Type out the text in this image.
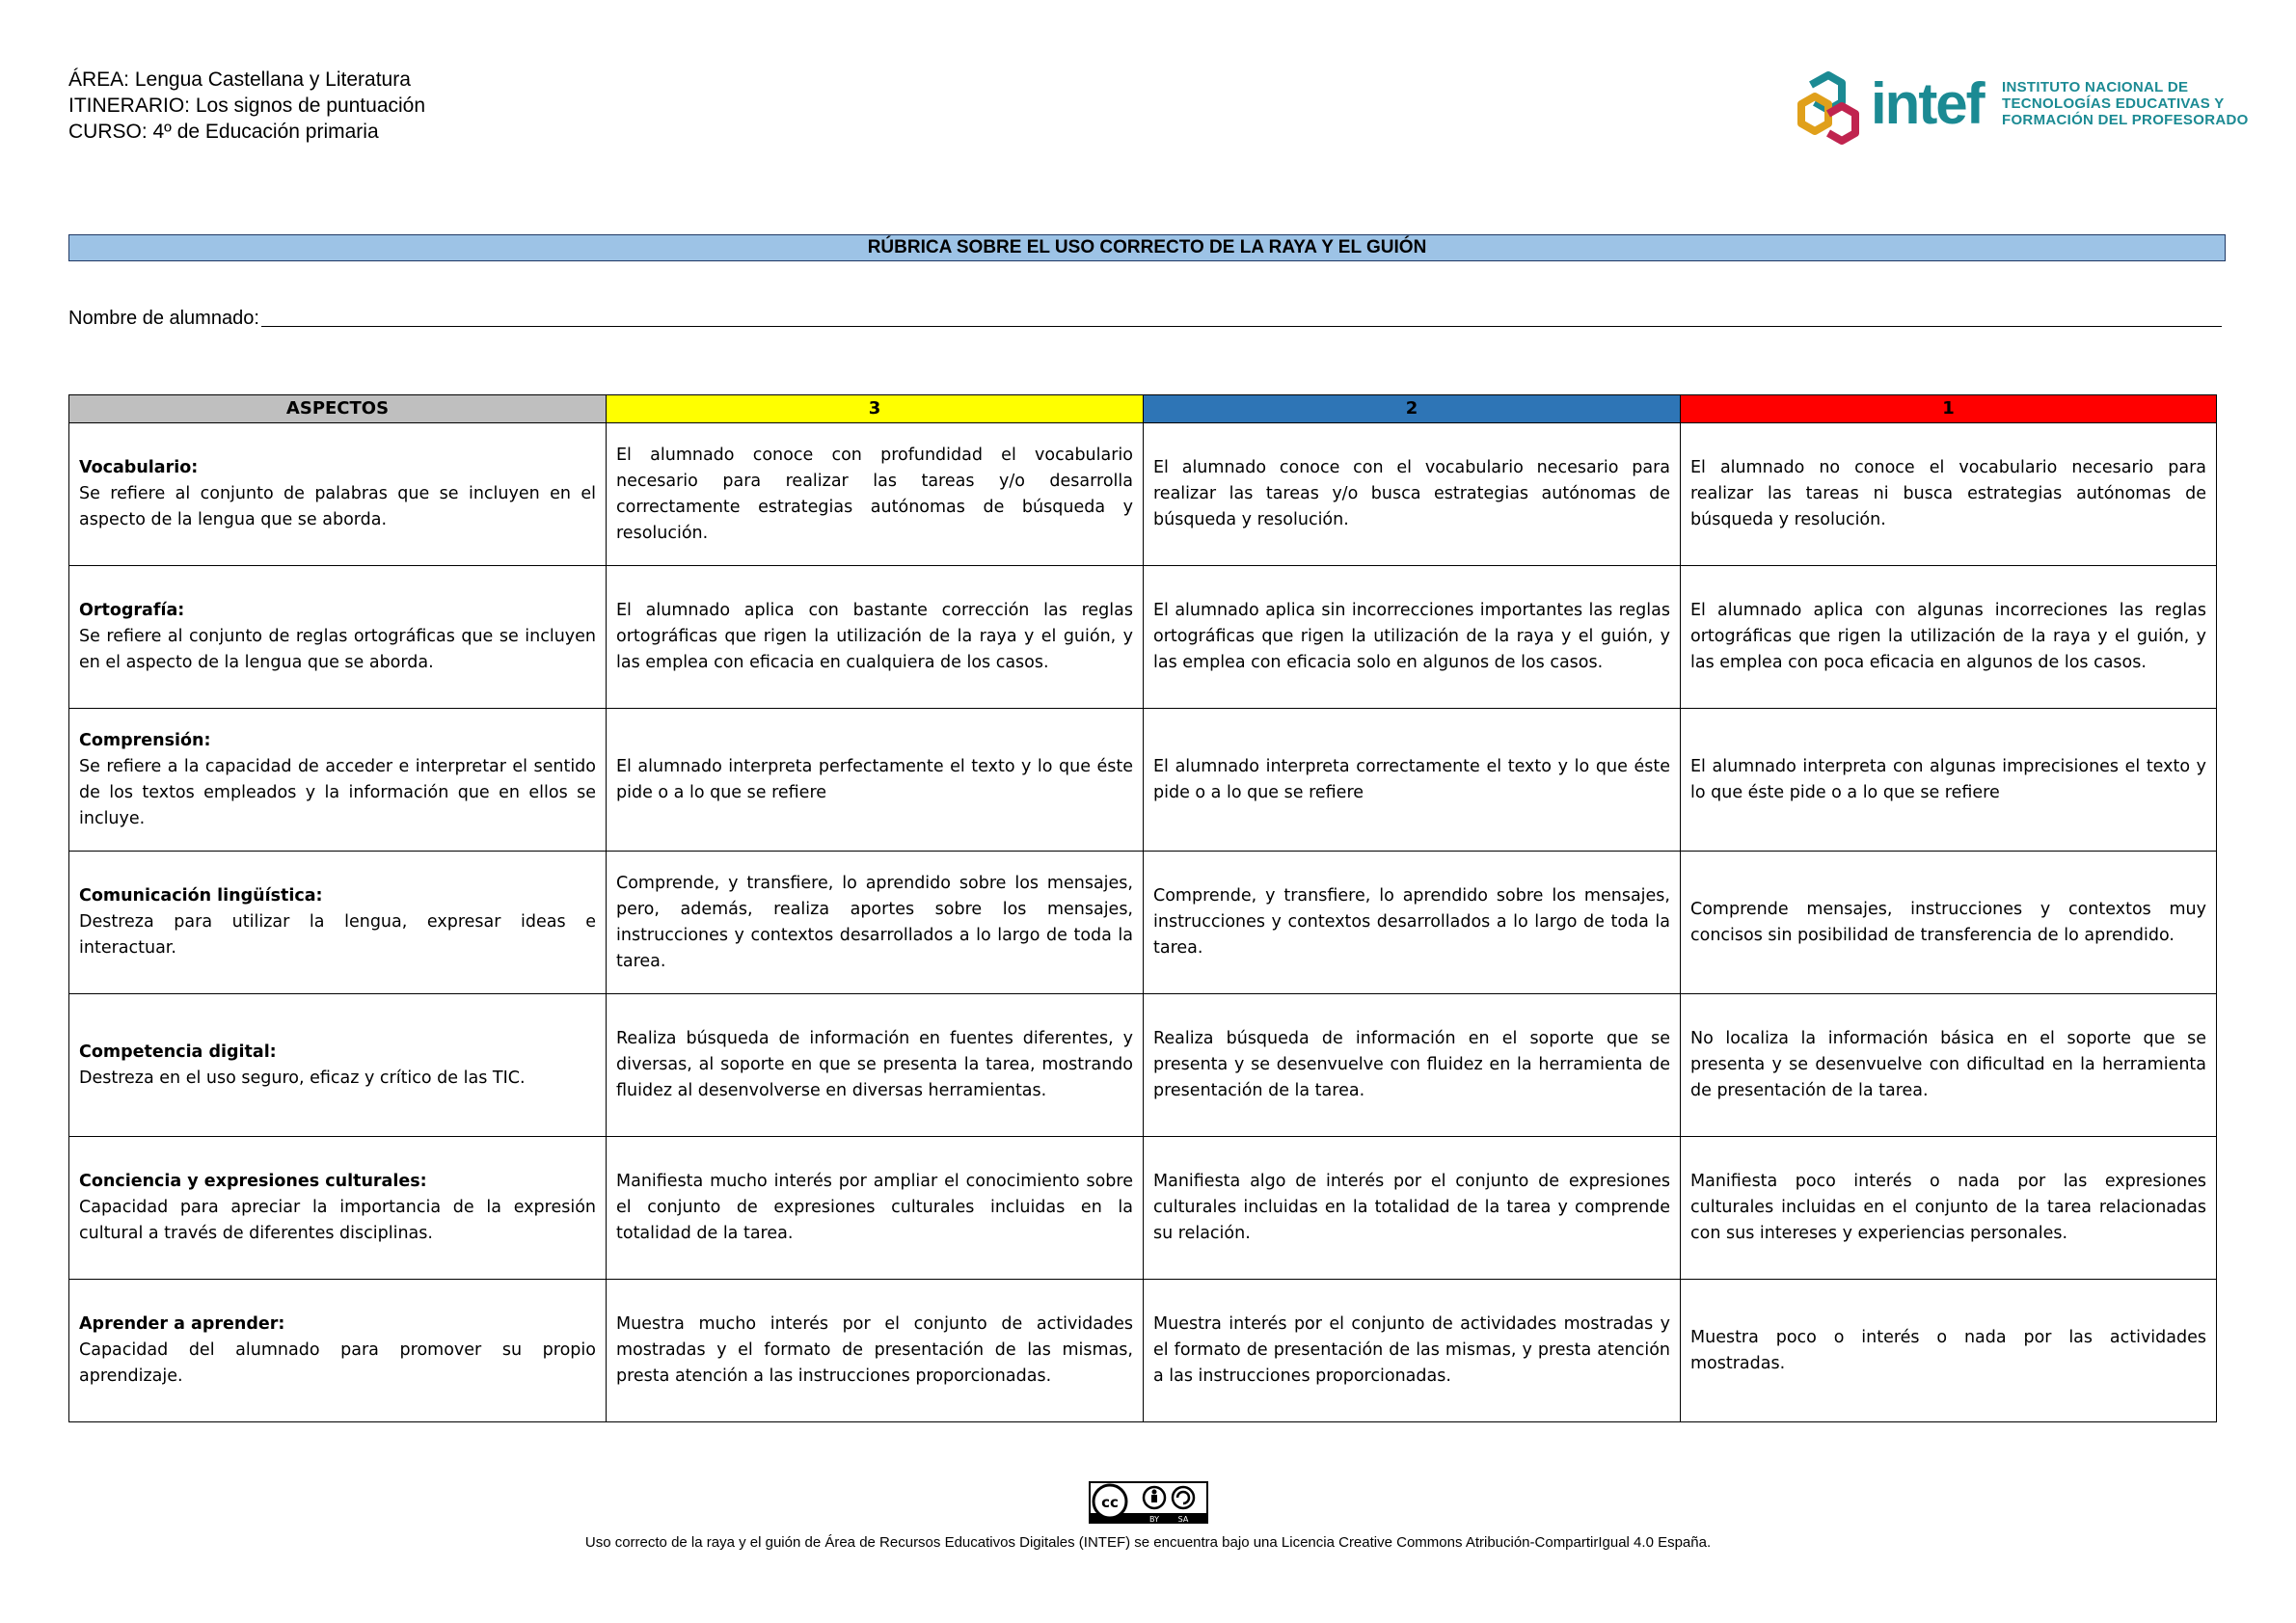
ÁREA: Lengua Castellana y Literatura
ITINERARIO: Los signos de puntuación
CURSO: 4º de Educación primaria	intef INSTITUTO NACIONAL DE
TECNOLOGÍAS EDUCATIVAS Y
FORMACIÓN DEL PROFESORADO
RÚBRICA SOBRE EL USO CORRECTO DE LA RAYA Y EL GUIÓN
Nombre de alumnado:
ASPECTOS	3	2	1

Vocabulario:
Se refiere al conjunto de palabras que se incluyen en el aspecto de la lengua que se aborda.	El alumnado conoce con profundidad el vocabulario necesario para realizar las tareas y/o desarrolla correctamente estrategias autónomas de búsqueda y resolución.	El alumnado conoce con el vocabulario necesario para realizar las tareas y/o busca estrategias autónomas de búsqueda y resolución.	El alumnado no conoce el vocabulario necesario para realizar las tareas ni busca estrategias autónomas de búsqueda y resolución.

Ortografía:
Se refiere al conjunto de reglas ortográficas que se incluyen en el aspecto de la lengua que se aborda.	El alumnado aplica con bastante corrección las reglas ortográficas que rigen la utilización de la raya y el guión, y las emplea con eficacia en cualquiera de los casos.	El alumnado aplica sin incorrecciones importantes las reglas ortográficas que rigen la utilización de la raya y el guión, y las emplea con eficacia solo en algunos de los casos.	El alumnado aplica con algunas incorreciones las reglas ortográficas que rigen la utilización de la raya y el guión, y las emplea con poca eficacia en algunos de los casos.

Comprensión:
Se refiere a la capacidad de acceder e interpretar el sentido de los textos empleados y la información que en ellos se incluye.	El alumnado interpreta perfectamente el texto y lo que éste pide o a lo que se refiere	El alumnado interpreta correctamente el texto y lo que éste pide o a lo que se refiere	El alumnado interpreta con algunas imprecisiones el texto y lo que éste pide o a lo que se refiere

Comunicación lingüística:
Destreza para utilizar la lengua, expresar ideas e interactuar.	Comprende, y transfiere, lo aprendido sobre los mensajes, pero, además, realiza aportes sobre los mensajes, instrucciones y contextos desarrollados a lo largo de toda la tarea.	Comprende, y transfiere, lo aprendido sobre los mensajes, instrucciones y contextos desarrollados a lo largo de toda la tarea.	Comprende mensajes, instrucciones y contextos muy concisos sin posibilidad de transferencia de lo aprendido.

Competencia digital:
Destreza en el uso seguro, eficaz y crítico de las TIC.	Realiza búsqueda de información en fuentes diferentes, y diversas, al soporte en que se presenta la tarea, mostrando fluidez al desenvolverse en diversas herramientas.	Realiza búsqueda de información en el soporte que se presenta y se desenvuelve con fluidez en la herramienta de presentación de la tarea.	No localiza la información básica en el soporte que se presenta y se desenvuelve con dificultad en la herramienta de presentación de la tarea.

Conciencia y expresiones culturales:
Capacidad para apreciar la importancia de la expresión cultural a través de diferentes disciplinas.	Manifiesta mucho interés por ampliar el conocimiento sobre el conjunto de expresiones culturales incluidas en la totalidad de la tarea.	Manifiesta algo de interés por el conjunto de expresiones culturales incluidas en la totalidad de la tarea y comprende su relación.	Manifiesta poco interés o nada por las expresiones culturales incluidas en el conjunto de la tarea relacionadas con sus intereses y experiencias personales.

Aprender a aprender:
Capacidad del alumnado para promover su propio aprendizaje.	Muestra mucho interés por el conjunto de actividades mostradas y el formato de presentación de las mismas, presta atención a las instrucciones proporcionadas.	Muestra interés por el conjunto de actividades mostradas y el formato de presentación de las mismas, y presta atención a las instrucciones proporcionadas.	Muestra poco o interés o nada por las actividades mostradas.
cc
BY SA
Uso correcto de la raya y el guión de Área de Recursos Educativos Digitales (INTEF) se encuentra bajo una Licencia Creative Commons Atribución-CompartirIgual 4.0 España.
